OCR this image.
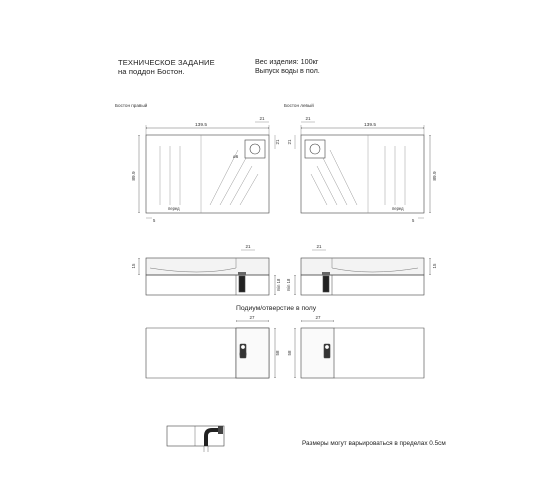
ТЕХНИЧЕСКОЕ ЗАДАНИЕ
на поддон Бостон.
Вес изделия: 100кг
Выпуск воды в пол.
Бостон правый	Бостон левый
Подиум/отверстие в полу
Размеры могут варьироваться в пределах 0.5см
139.5
89.9
21
21
ø6
перед
5
139.5
89.9
21
21
перед
5
21
15
min 18
21
15
min 18
27
58
27
58
